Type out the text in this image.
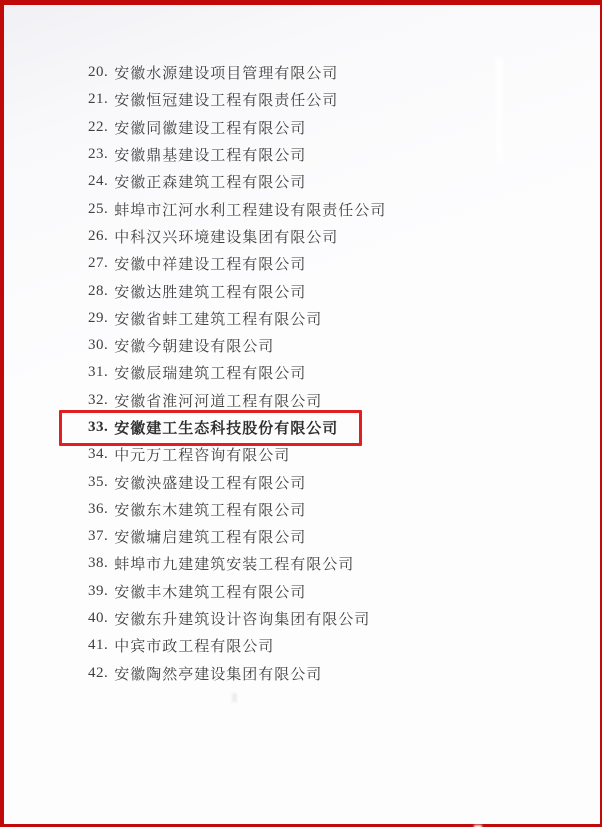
20. 安徽水源建设项目管理有限公司
21. 安徽恒冠建设工程有限责任公司
22. 安徽同徽建设工程有限公司
23. 安徽鼎基建设工程有限公司
24. 安徽正森建筑工程有限公司
25. 蚌埠市江河水利工程建设有限责任公司
26. 中科汉兴环境建设集团有限公司
27. 安徽中祥建设工程有限公司
28. 安徽达胜建筑工程有限公司
29. 安徽省蚌工建筑工程有限公司
30. 安徽今朝建设有限公司
31. 安徽辰瑞建筑工程有限公司
32. 安徽省淮河河道工程有限公司
33. 安徽建工生态科技股份有限公司
34. 中元万工程咨询有限公司
35. 安徽泱盛建设工程有限公司
36. 安徽东木建筑工程有限公司
37. 安徽墉启建筑工程有限公司
38. 蚌埠市九建建筑安装工程有限公司
39. 安徽丰木建筑工程有限公司
40. 安徽东升建筑设计咨询集团有限公司
41. 中宾市政工程有限公司
42. 安徽陶然亭建设集团有限公司
